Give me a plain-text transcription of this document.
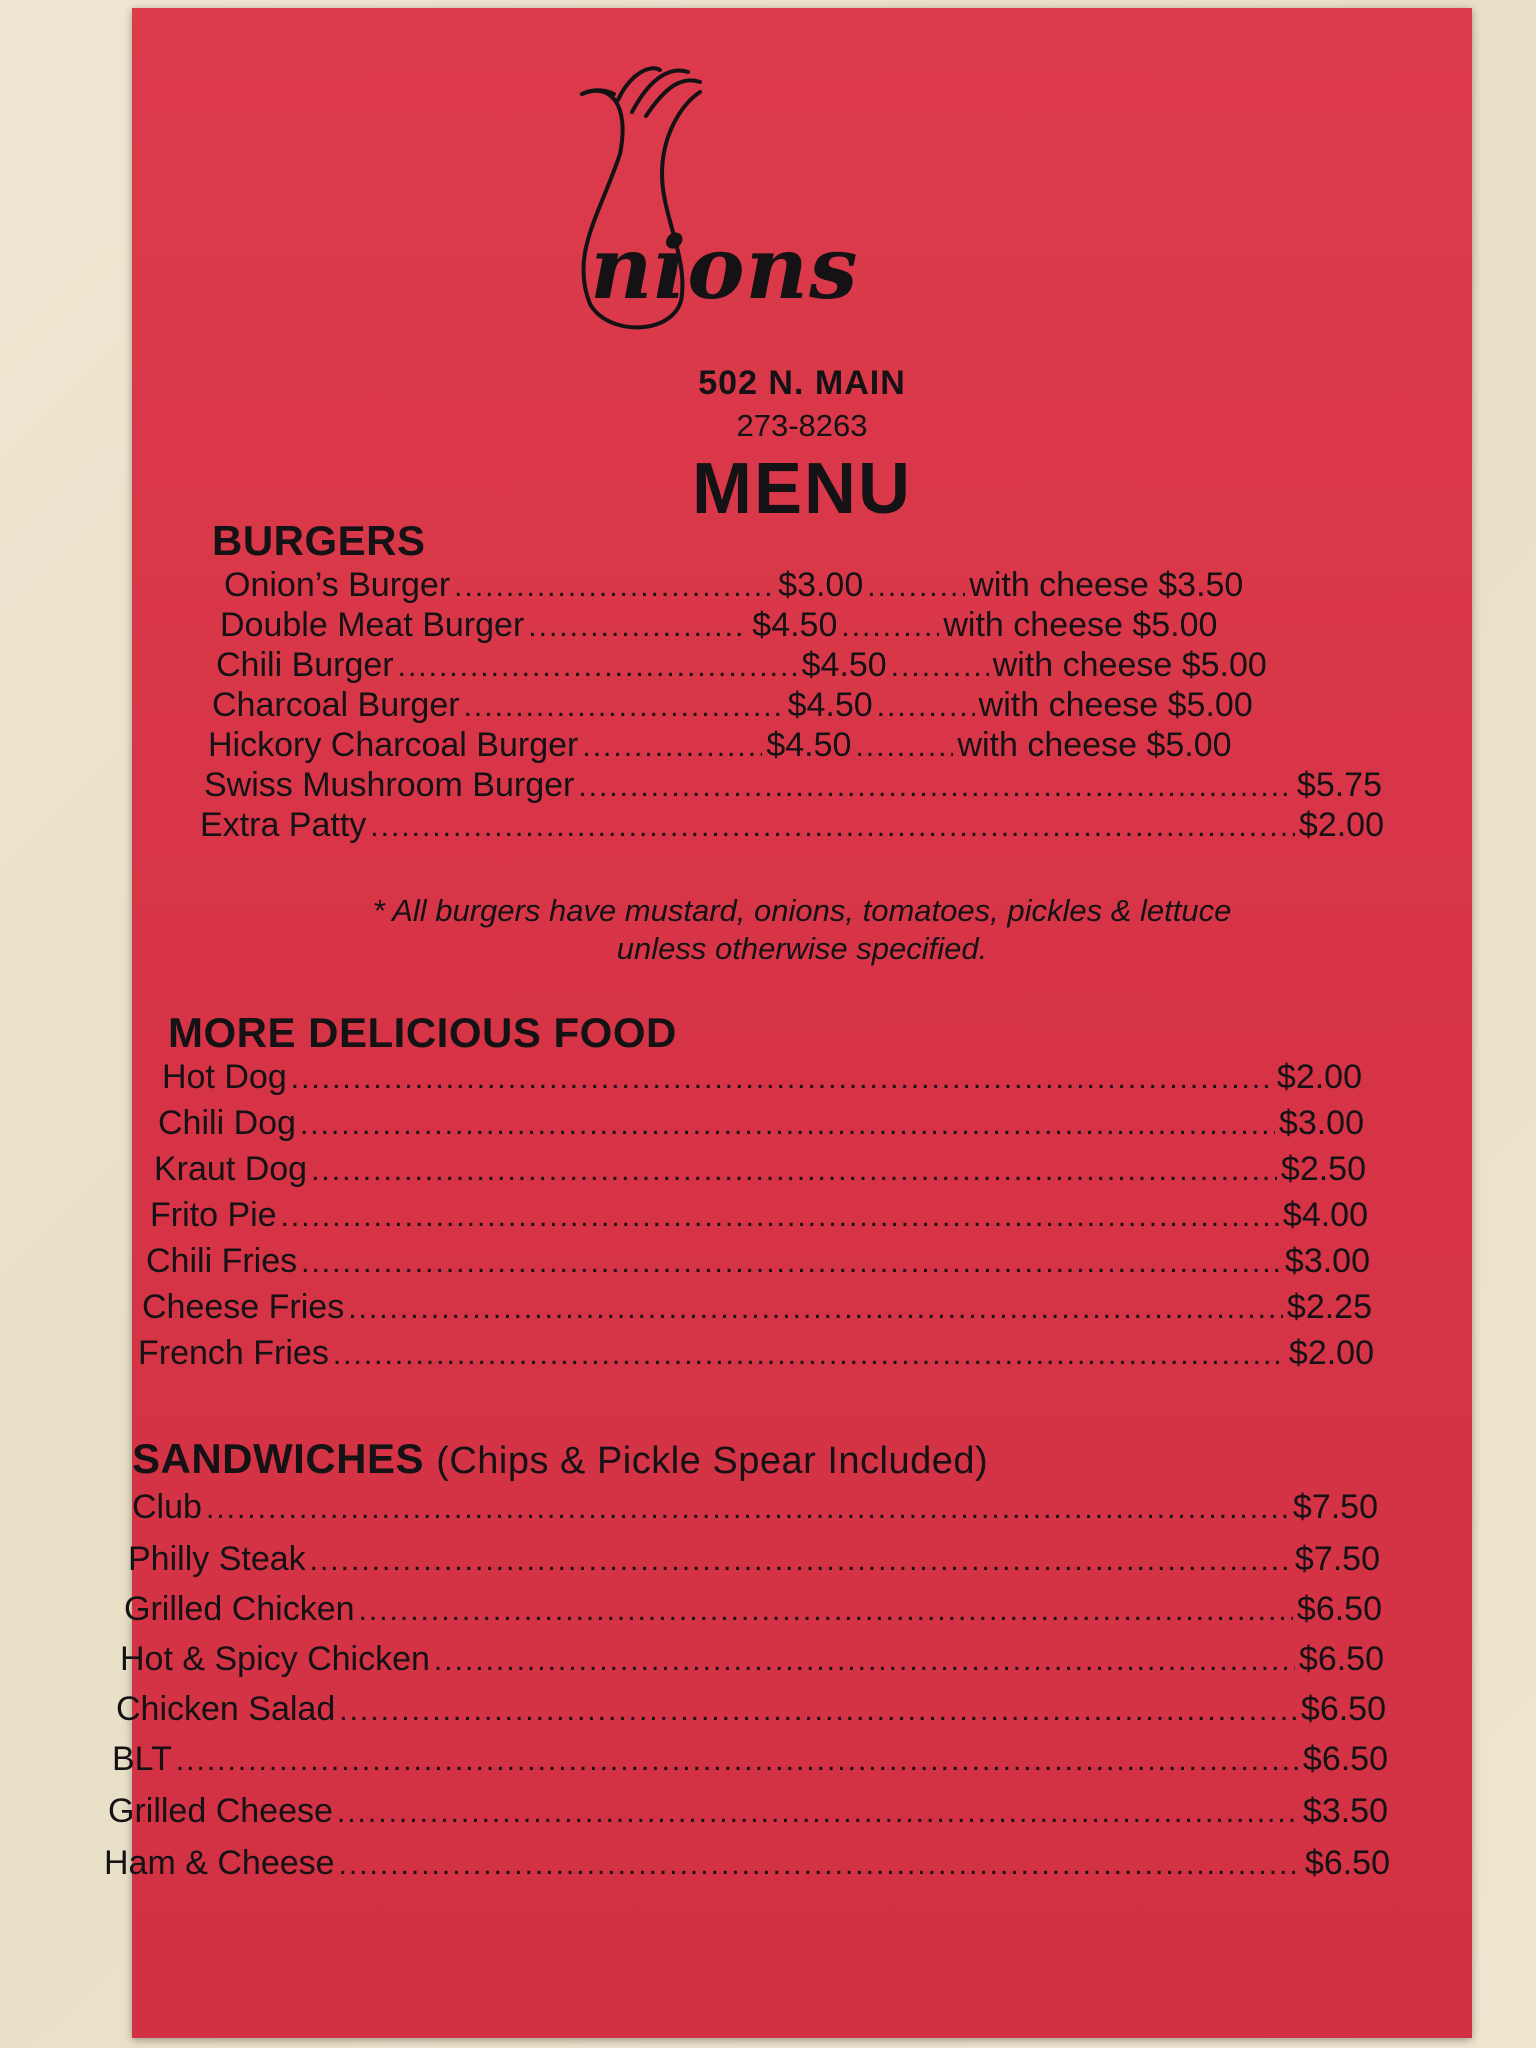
nions
502 N. MAIN
273-8263
MENU
BURGERS
Onion’s Burger .....	$3.00 .....	with cheese $3.50
Double Meat Burger .....	$4.50 .....	with cheese $5.00
Chili Burger .....	$4.50 .....	with cheese $5.00
Charcoal Burger .....	$4.50 .....	with cheese $5.00
Hickory Charcoal Burger .....	$4.50 .....	with cheese $5.00
Swiss Mushroom Burger .....	$5.75
Extra Patty .....	$2.00
* All burgers have mustard, onions, tomatoes, pickles & lettuce
unless otherwise specified.
MORE DELICIOUS FOOD
Hot Dog .....	$2.00
Chili Dog .....	$3.00
Kraut Dog .....	$2.50
Frito Pie .....	$4.00
Chili Fries .....	$3.00
Cheese Fries .....	$2.25
French Fries .....	$2.00
SANDWICHES (Chips & Pickle Spear Included)
Club .....	$7.50
Philly Steak .....	$7.50
Grilled Chicken .....	$6.50
Hot & Spicy Chicken .....	$6.50
Chicken Salad .....	$6.50
BLT .....	$6.50
Grilled Cheese .....	$3.50
Ham & Cheese .....	$6.50
